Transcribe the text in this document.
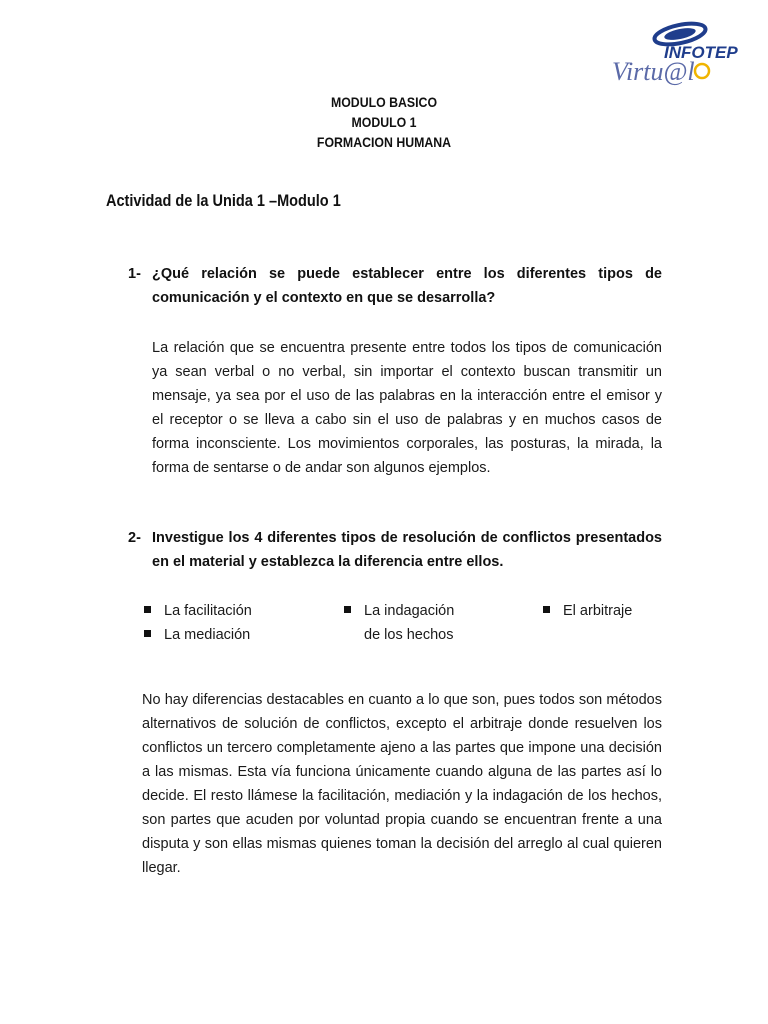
INFOTEP
Virtu@l
MODULO BASICO
MODULO 1
FORMACION HUMANA
Actividad de la Unida 1 –Modulo 1
1- ¿Qué relación se puede establecer entre los diferentes tipos de comunicación y el contexto en que se desarrolla?
La relación que se encuentra presente entre todos los tipos de comunicación ya sean verbal o no verbal, sin importar el contexto buscan transmitir un mensaje, ya sea por el uso de las palabras en la interacción entre el emisor y el receptor o se lleva a cabo sin el uso de palabras y en muchos casos de forma inconsciente. Los movimientos corporales, las posturas, la mirada, la forma de sentarse o de andar son algunos ejemplos.
2- Investigue los 4 diferentes tipos de resolución de conflictos presentados en el material y establezca la diferencia entre ellos.
La facilitación
La mediación
La indagación de los hechos
El arbitraje
No hay diferencias destacables en cuanto a lo que son, pues todos son métodos alternativos de solución de conflictos, excepto el arbitraje donde resuelven los conflictos un tercero completamente ajeno a las partes que impone una decisión a las mismas. Esta vía funciona únicamente cuando alguna de las partes así lo decide. El resto llámese la facilitación, mediación y la indagación de los hechos, son partes que acuden por voluntad propia cuando se encuentran frente a una disputa y son ellas mismas quienes toman la decisión del arreglo al cual quieren llegar.
